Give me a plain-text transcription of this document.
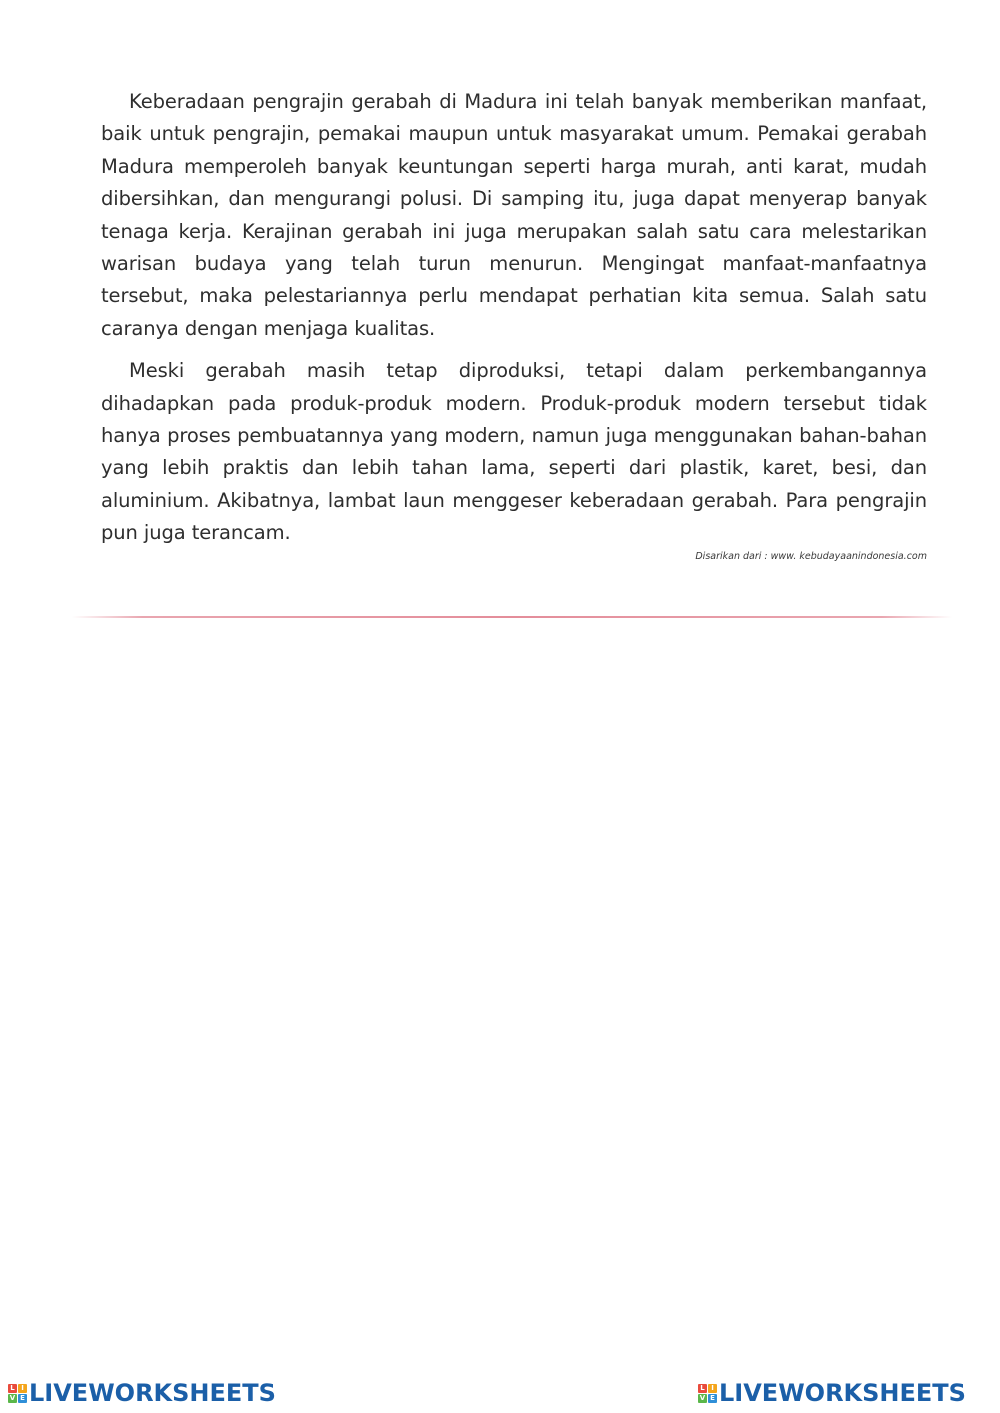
Keberadaan pengrajin gerabah di Madura ini telah banyak memberikan manfaat, baik untuk pengrajin, pemakai maupun untuk masyarakat umum. Pemakai gerabah Madura memperoleh banyak keuntungan seperti harga murah, anti karat, mudah dibersihkan, dan mengurangi polusi. Di samping itu, juga dapat menyerap banyak tenaga kerja. Kerajinan gerabah ini juga merupakan salah satu cara melestarikan warisan budaya yang telah turun menurun. Mengingat manfaat-manfaatnya tersebut, maka pelestariannya perlu mendapat perhatian kita semua. Salah satu caranya dengan menjaga kualitas.

Meski gerabah masih tetap diproduksi, tetapi dalam perkembangannya dihadapkan pada produk-produk modern. Produk-produk modern tersebut tidak hanya proses pembuatannya yang modern, namun juga menggunakan bahan-bahan yang lebih praktis dan lebih tahan lama, seperti dari plastik, karet, besi, dan aluminium. Akibatnya, lambat laun menggeser keberadaan gerabah. Para pengrajin pun juga terancam.

Disarikan dari : www. kebudayaanindonesia.com

L I
V E LIVEWORKSHEETS	L I
V E LIVEWORKSHEETS
